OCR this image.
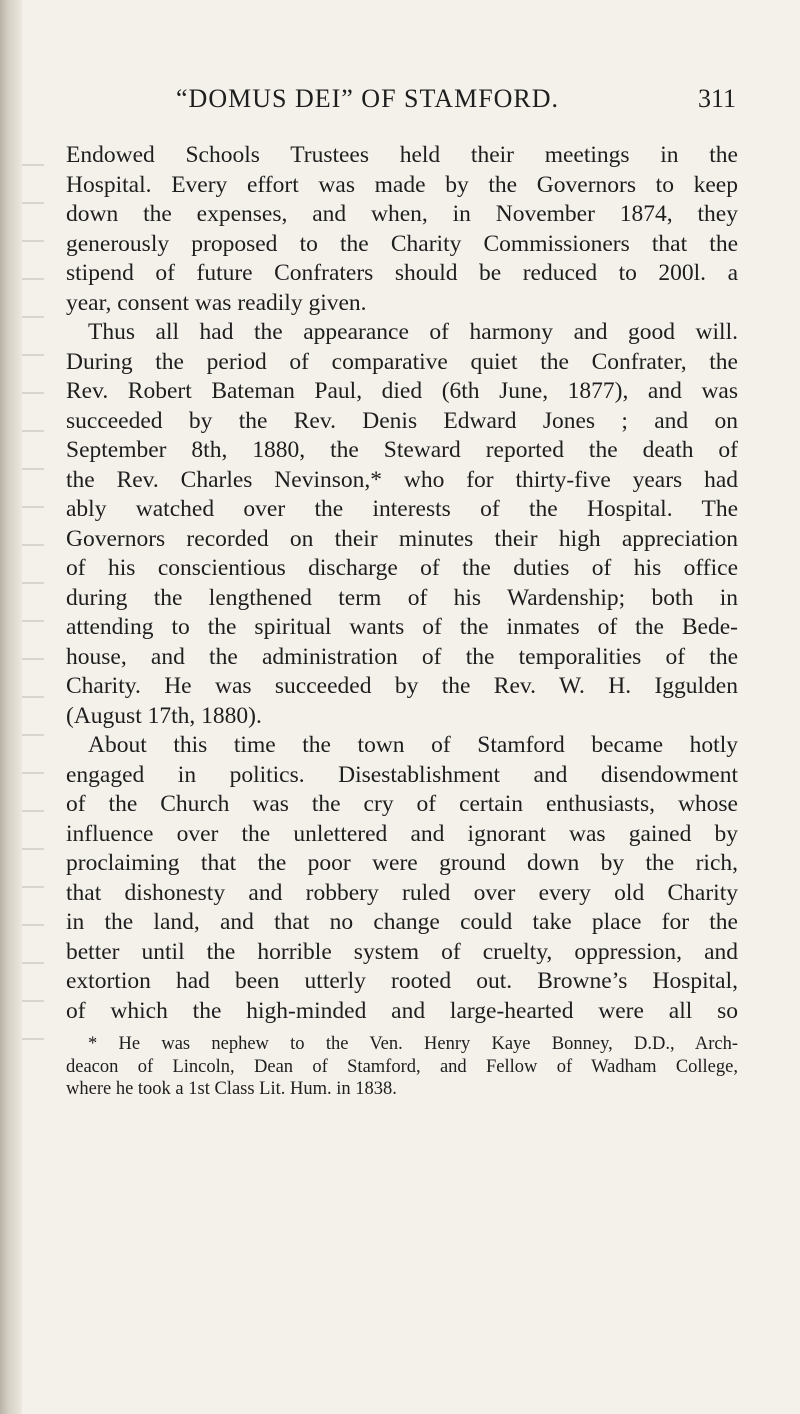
“DOMUS DEI” OF STAMFORD.	311
Endowed Schools Trustees held their meetings in the
Hospital. Every effort was made by the Governors to keep
down the expenses, and when, in November 1874, they
generously proposed to the Charity Commissioners that the
stipend of future Confraters should be reduced to 200l. a
year, consent was readily given.
Thus all had the appearance of harmony and good will.
During the period of comparative quiet the Confrater, the
Rev. Robert Bateman Paul, died (6th June, 1877), and was
succeeded by the Rev. Denis Edward Jones ; and on
September 8th, 1880, the Steward reported the death of
the Rev. Charles Nevinson,* who for thirty-five years had
ably watched over the interests of the Hospital. The
Governors recorded on their minutes their high appreciation
of his conscientious discharge of the duties of his office
during the lengthened term of his Wardenship; both in
attending to the spiritual wants of the inmates of the Bede-
house, and the administration of the temporalities of the
Charity. He was succeeded by the Rev. W. H. Iggulden
(August 17th, 1880).
About this time the town of Stamford became hotly
engaged in politics. Disestablishment and disendowment
of the Church was the cry of certain enthusiasts, whose
influence over the unlettered and ignorant was gained by
proclaiming that the poor were ground down by the rich,
that dishonesty and robbery ruled over every old Charity
in the land, and that no change could take place for the
better until the horrible system of cruelty, oppression, and
extortion had been utterly rooted out. Browne’s Hospital,
of which the high-minded and large-hearted were all so
* He was nephew to the Ven. Henry Kaye Bonney, D.D., Arch-
deacon of Lincoln, Dean of Stamford, and Fellow of Wadham College,
where he took a 1st Class Lit. Hum. in 1838.
